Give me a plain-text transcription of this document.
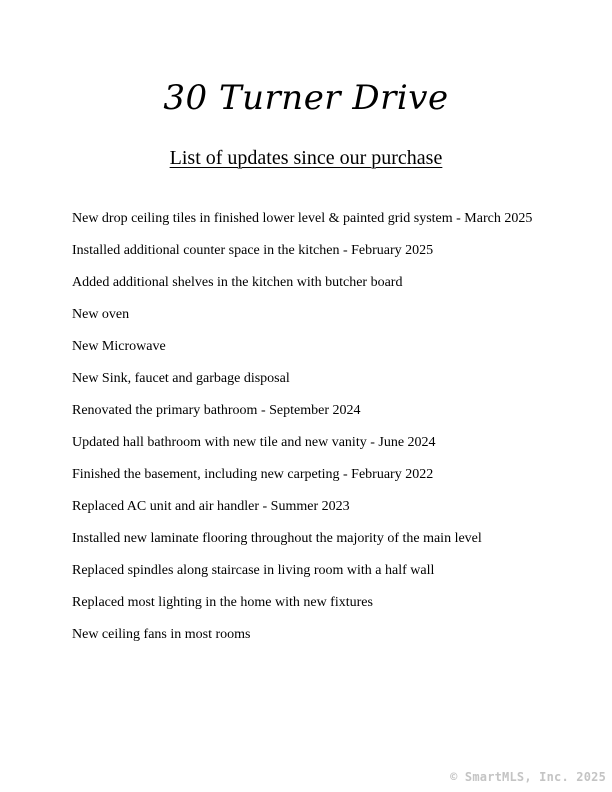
30 Turner Drive
List of updates since our purchase
New drop ceiling tiles in finished lower level & painted grid system - March 2025
Installed additional counter space in the kitchen - February 2025
Added additional shelves in the kitchen with butcher board
New oven
New Microwave
New Sink, faucet and garbage disposal
Renovated the primary bathroom - September 2024
Updated hall bathroom with new tile and new vanity - June 2024
Finished the basement, including new carpeting - February 2022
Replaced AC unit and air handler - Summer 2023
Installed new laminate flooring throughout the majority of the main level
Replaced spindles along staircase in living room with a half wall
Replaced most lighting in the home with new fixtures
New ceiling fans in most rooms
© SmartMLS, Inc. 2025
